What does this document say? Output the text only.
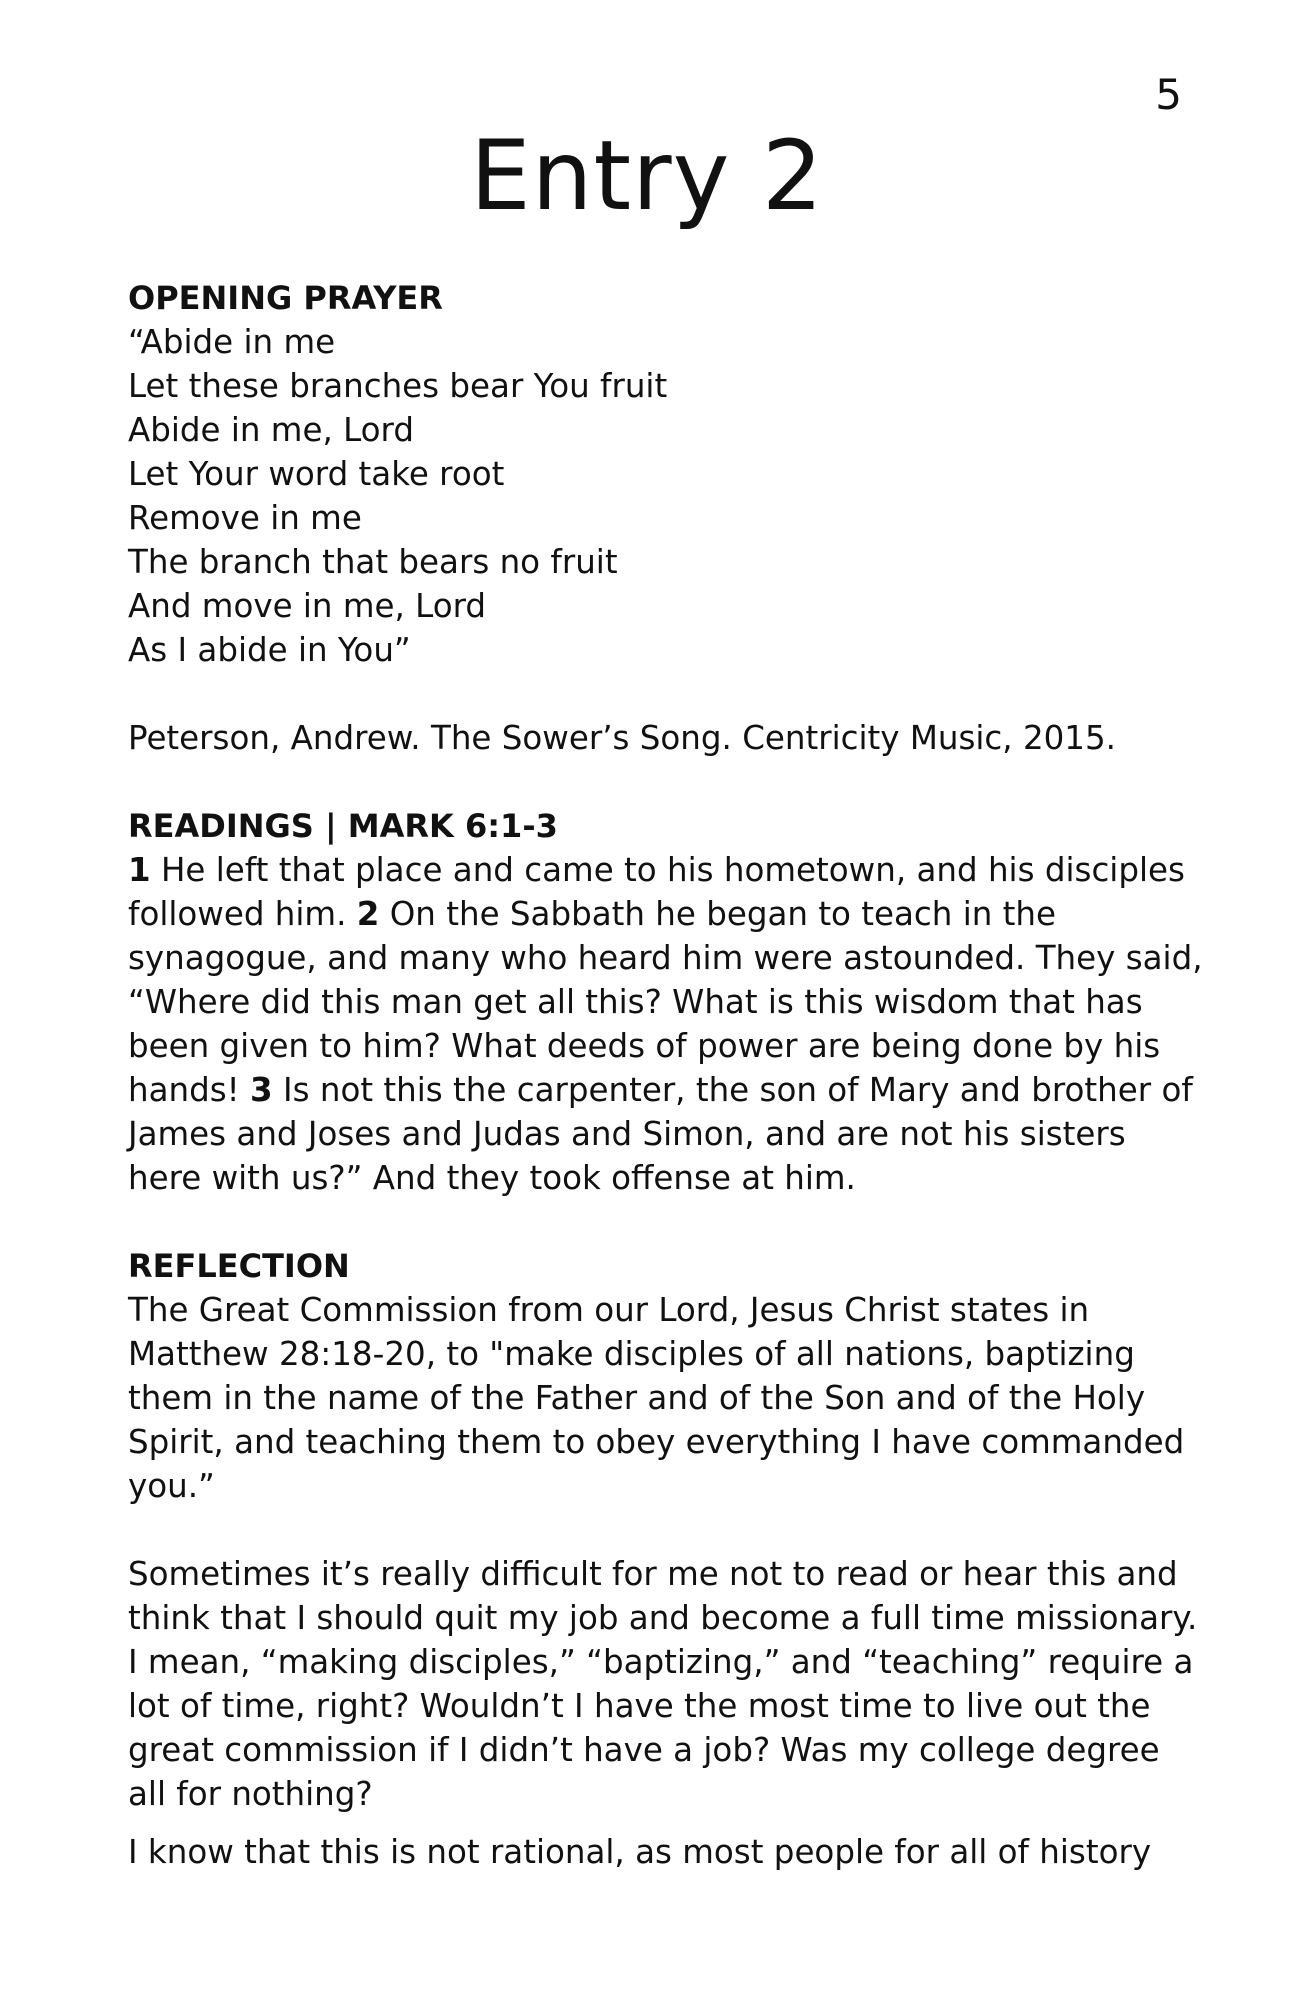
5
Entry 2

OPENING PRAYER

“Abide in me

Let these branches bear You fruit

Abide in me, Lord

Let Your word take root

Remove in me

The branch that bears no fruit

And move in me, Lord

As I abide in You”

Peterson, Andrew. The Sower’s Song. Centricity Music, 2015.

READINGS | MARK 6:1-3

1 He left that place and came to his hometown, and his disciples

followed him. 2 On the Sabbath he began to teach in the

synagogue, and many who heard him were astounded. They said,

“Where did this man get all this? What is this wisdom that has

been given to him? What deeds of power are being done by his

hands! 3 Is not this the carpenter, the son of Mary and brother of

James and Joses and Judas and Simon, and are not his sisters

here with us?” And they took offense at him.

REFLECTION

The Great Commission from our Lord, Jesus Christ states in

Matthew 28:18-20, to "make disciples of all nations, baptizing

them in the name of the Father and of the Son and of the Holy

Spirit, and teaching them to obey everything I have commanded

you.”

Sometimes it’s really difficult for me not to read or hear this and

think that I should quit my job and become a full time missionary.

I mean, “making disciples,” “baptizing,” and “teaching” require a

lot of time, right? Wouldn’t I have the most time to live out the

great commission if I didn’t have a job? Was my college degree

all for nothing?

I know that this is not rational, as most people for all of history
